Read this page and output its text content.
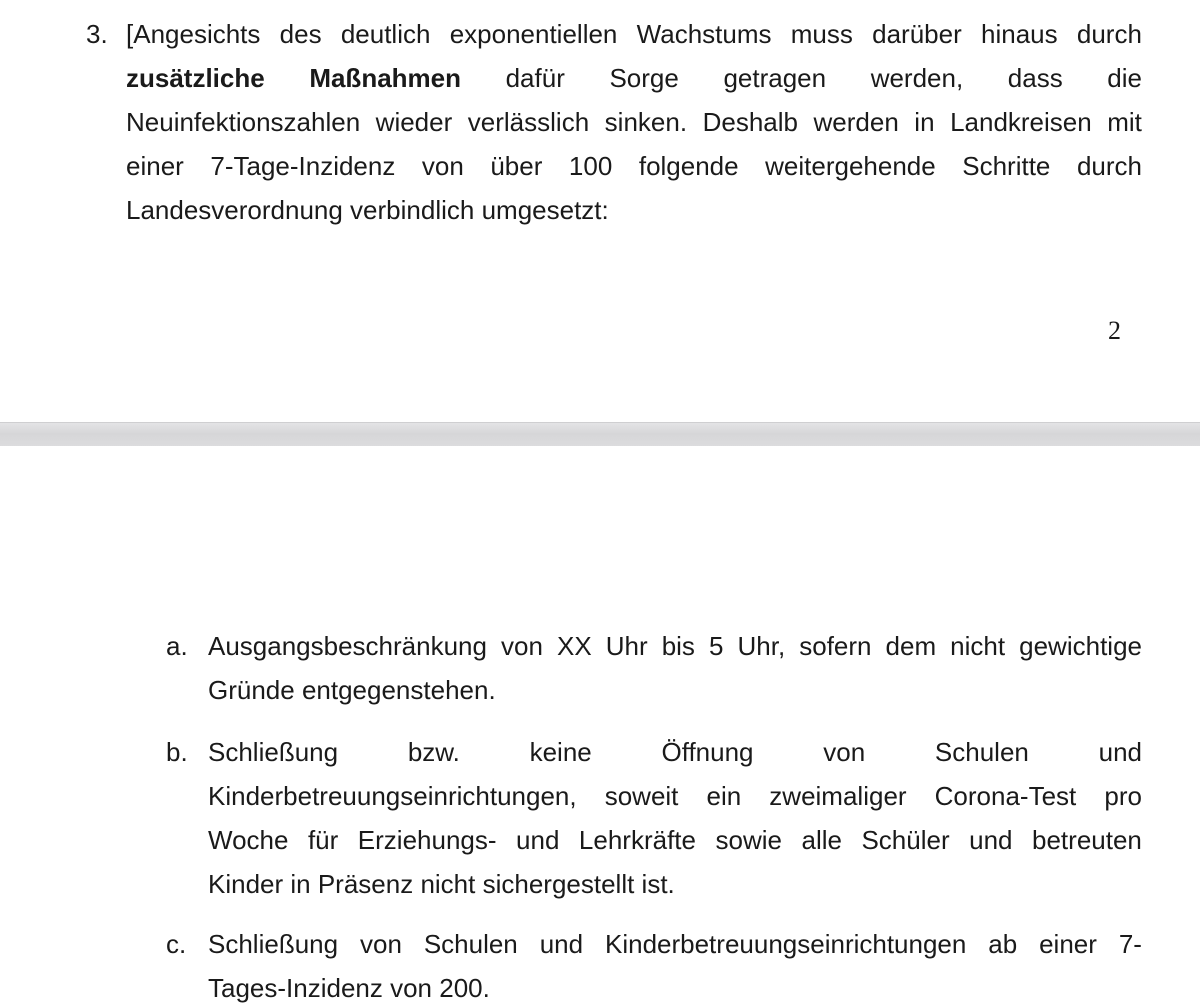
3. [Angesichts des deutlich exponentiellen Wachstums muss darüber hinaus durch
zusätzliche Maßnahmen dafür Sorge getragen werden, dass die
Neuinfektionszahlen wieder verlässlich sinken. Deshalb werden in Landkreisen mit
einer 7-Tage-Inzidenz von über 100 folgende weitergehende Schritte durch
Landesverordnung verbindlich umgesetzt:
2
a. Ausgangsbeschränkung von XX Uhr bis 5 Uhr, sofern dem nicht gewichtige
Gründe entgegenstehen.
b. Schließung	bzw.	keine	Öffnung	von	Schulen	und
Kinderbetreuungseinrichtungen, soweit ein zweimaliger Corona-Test pro
Woche für Erziehungs- und Lehrkräfte sowie alle Schüler und betreuten
Kinder in Präsenz nicht sichergestellt ist.
c. Schließung von Schulen und Kinderbetreuungseinrichtungen ab einer 7-
Tages-Inzidenz von 200.
